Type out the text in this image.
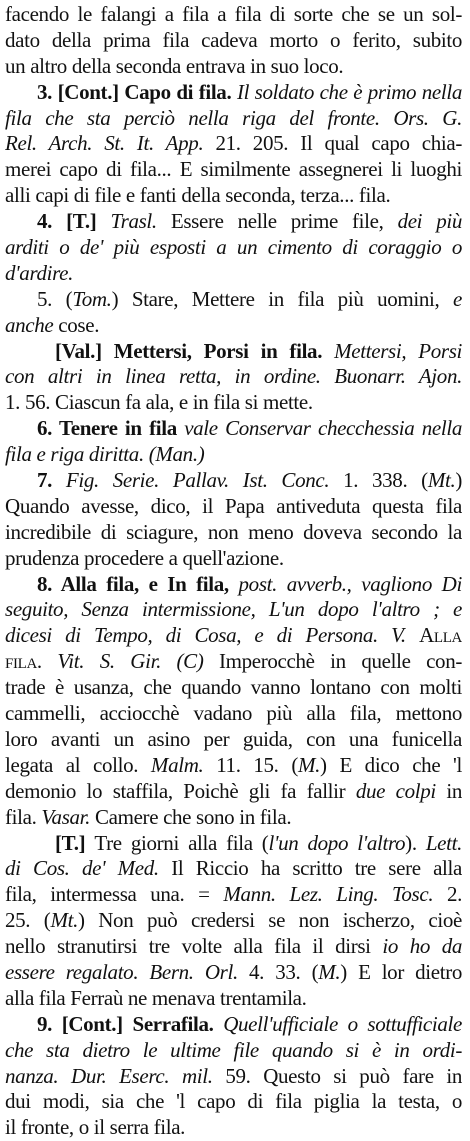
facendo le falangi a fila a fila di sorte che se un sol-
dato della prima fila cadeva morto o ferito, subito
un altro della seconda entrava in suo loco.
3. [Cont.] Capo di fila. Il soldato che è primo nella
fila che sta perciò nella riga del fronte. Ors. G.
Rel. Arch. St. It. App. 21. 205. Il qual capo chia-
merei capo di fila... E similmente assegnerei li luoghi
alli capi di file e fanti della seconda, terza... fila.
4. [T.] Trasl. Essere nelle prime file, dei più
arditi o de' più esposti a un cimento di coraggio o
d'ardire.
5. (Tom.) Stare, Mettere in fila più uomini, e
anche cose.
[Val.] Mettersi, Porsi in fila. Mettersi, Porsi
con altri in linea retta, in ordine. Buonarr. Ajon.
1. 56. Ciascun fa ala, e in fila si mette.
6. Tenere in fila vale Conservar checchessia nella
fila e riga diritta. (Man.)
7. Fig. Serie. Pallav. Ist. Conc. 1. 338. (Mt.)
Quando avesse, dico, il Papa antiveduta questa fila
incredibile di sciagure, non meno doveva secondo la
prudenza procedere a quell'azione.
8. Alla fila, e In fila, post. avverb., vagliono Di
seguito, Senza intermissione, L'un dopo l'altro ; e
dicesi di Tempo, di Cosa, e di Persona. V. Alla
fila. Vit. S. Gir. (C) Imperocchè in quelle con-
trade è usanza, che quando vanno lontano con molti
cammelli, acciocchè vadano più alla fila, mettono
loro avanti un asino per guida, con una funicella
legata al collo. Malm. 11. 15. (M.) E dico che 'l
demonio lo staffila, Poichè gli fa fallir due colpi in
fila. Vasar. Camere che sono in fila.
[T.] Tre giorni alla fila (l'un dopo l'altro). Lett.
di Cos. de' Med. Il Riccio ha scritto tre sere alla
fila, intermessa una. = Mann. Lez. Ling. Tosc. 2.
25. (Mt.) Non può credersi se non ischerzo, cioè
nello stranutirsi tre volte alla fila il dirsi io ho da
essere regalato. Bern. Orl. 4. 33. (M.) E lor dietro
alla fila Ferraù ne menava trentamila.
9. [Cont.] Serrafila. Quell'ufficiale o sottufficiale
che sta dietro le ultime file quando si è in ordi-
nanza. Dur. Eserc. mil. 59. Questo si può fare in
dui modi, sia che 'l capo di fila piglia la testa, o
il fronte, o il serra fila.
